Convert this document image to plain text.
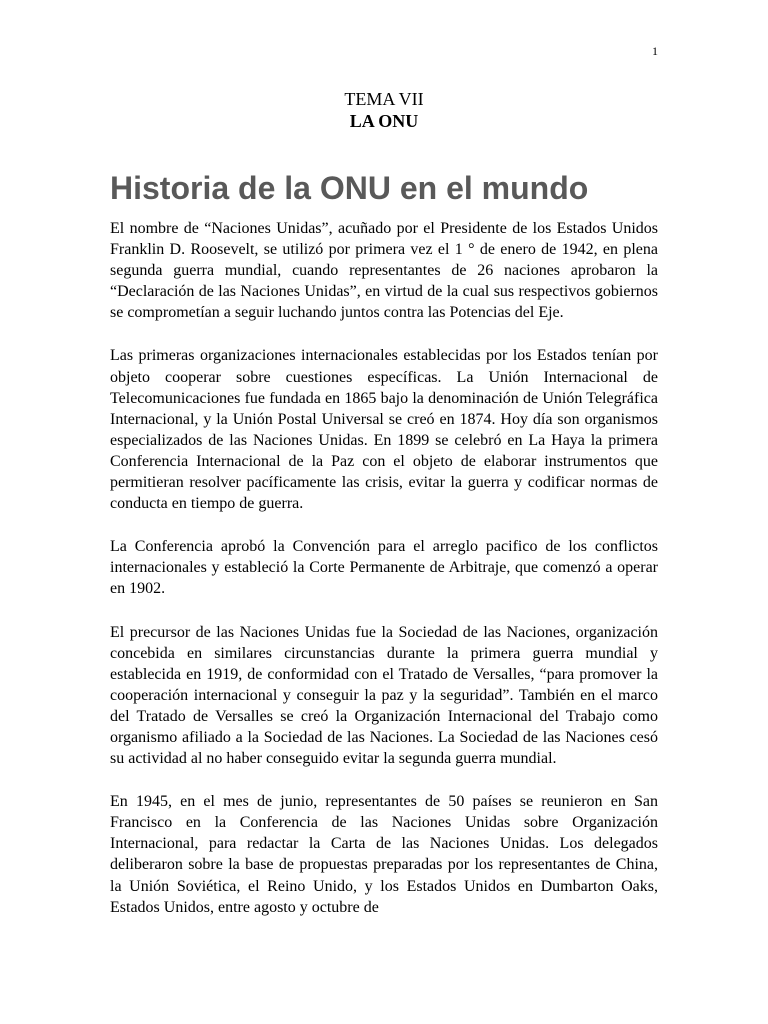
1
TEMA VII
LA ONU
Historia de la ONU en el mundo

El nombre de “Naciones Unidas”, acuñado por el Presidente de los Estados Unidos Franklin D. Roosevelt, se utilizó por primera vez el 1 ° de enero de 1942, en plena segunda guerra mundial, cuando representantes de 26 naciones aprobaron la “Declaración de las Naciones Unidas”, en virtud de la cual sus respectivos gobiernos se comprometían a seguir luchando juntos contra las Potencias del Eje.

Las primeras organizaciones internacionales establecidas por los Estados tenían por objeto cooperar sobre cuestiones específicas. La Unión Internacional de Telecomunicaciones fue fundada en 1865 bajo la denominación de Unión Telegráfica Internacional, y la Unión Postal Universal se creó en 1874. Hoy día son organismos especializados de las Naciones Unidas. En 1899 se celebró en La Haya la primera Conferencia Internacional de la Paz con el objeto de elaborar instrumentos que permitieran resolver pacíficamente las crisis, evitar la guerra y codificar normas de conducta en tiempo de guerra.

La Conferencia aprobó la Convención para el arreglo pacifico de los conflictos internacionales y estableció la Corte Permanente de Arbitraje, que comenzó a operar en 1902.

El precursor de las Naciones Unidas fue la Sociedad de las Naciones, organización concebida en similares circunstancias durante la primera guerra mundial y establecida en 1919, de conformidad con el Tratado de Versalles, “para promover la cooperación internacional y conseguir la paz y la seguridad”. También en el marco del Tratado de Versalles se creó la Organización Internacional del Trabajo como organismo afiliado a la Sociedad de las Naciones. La Sociedad de las Naciones cesó su actividad al no haber conseguido evitar la segunda guerra mundial.

En 1945, en el mes de junio, representantes de 50 países se reunieron en San Francisco en la Conferencia de las Naciones Unidas sobre Organización Internacional, para redactar la Carta de las Naciones Unidas. Los delegados deliberaron sobre la base de propuestas preparadas por los representantes de China, la Unión Soviética, el Reino Unido, y los Estados Unidos en Dumbarton Oaks, Estados Unidos, entre agosto y octubre de
